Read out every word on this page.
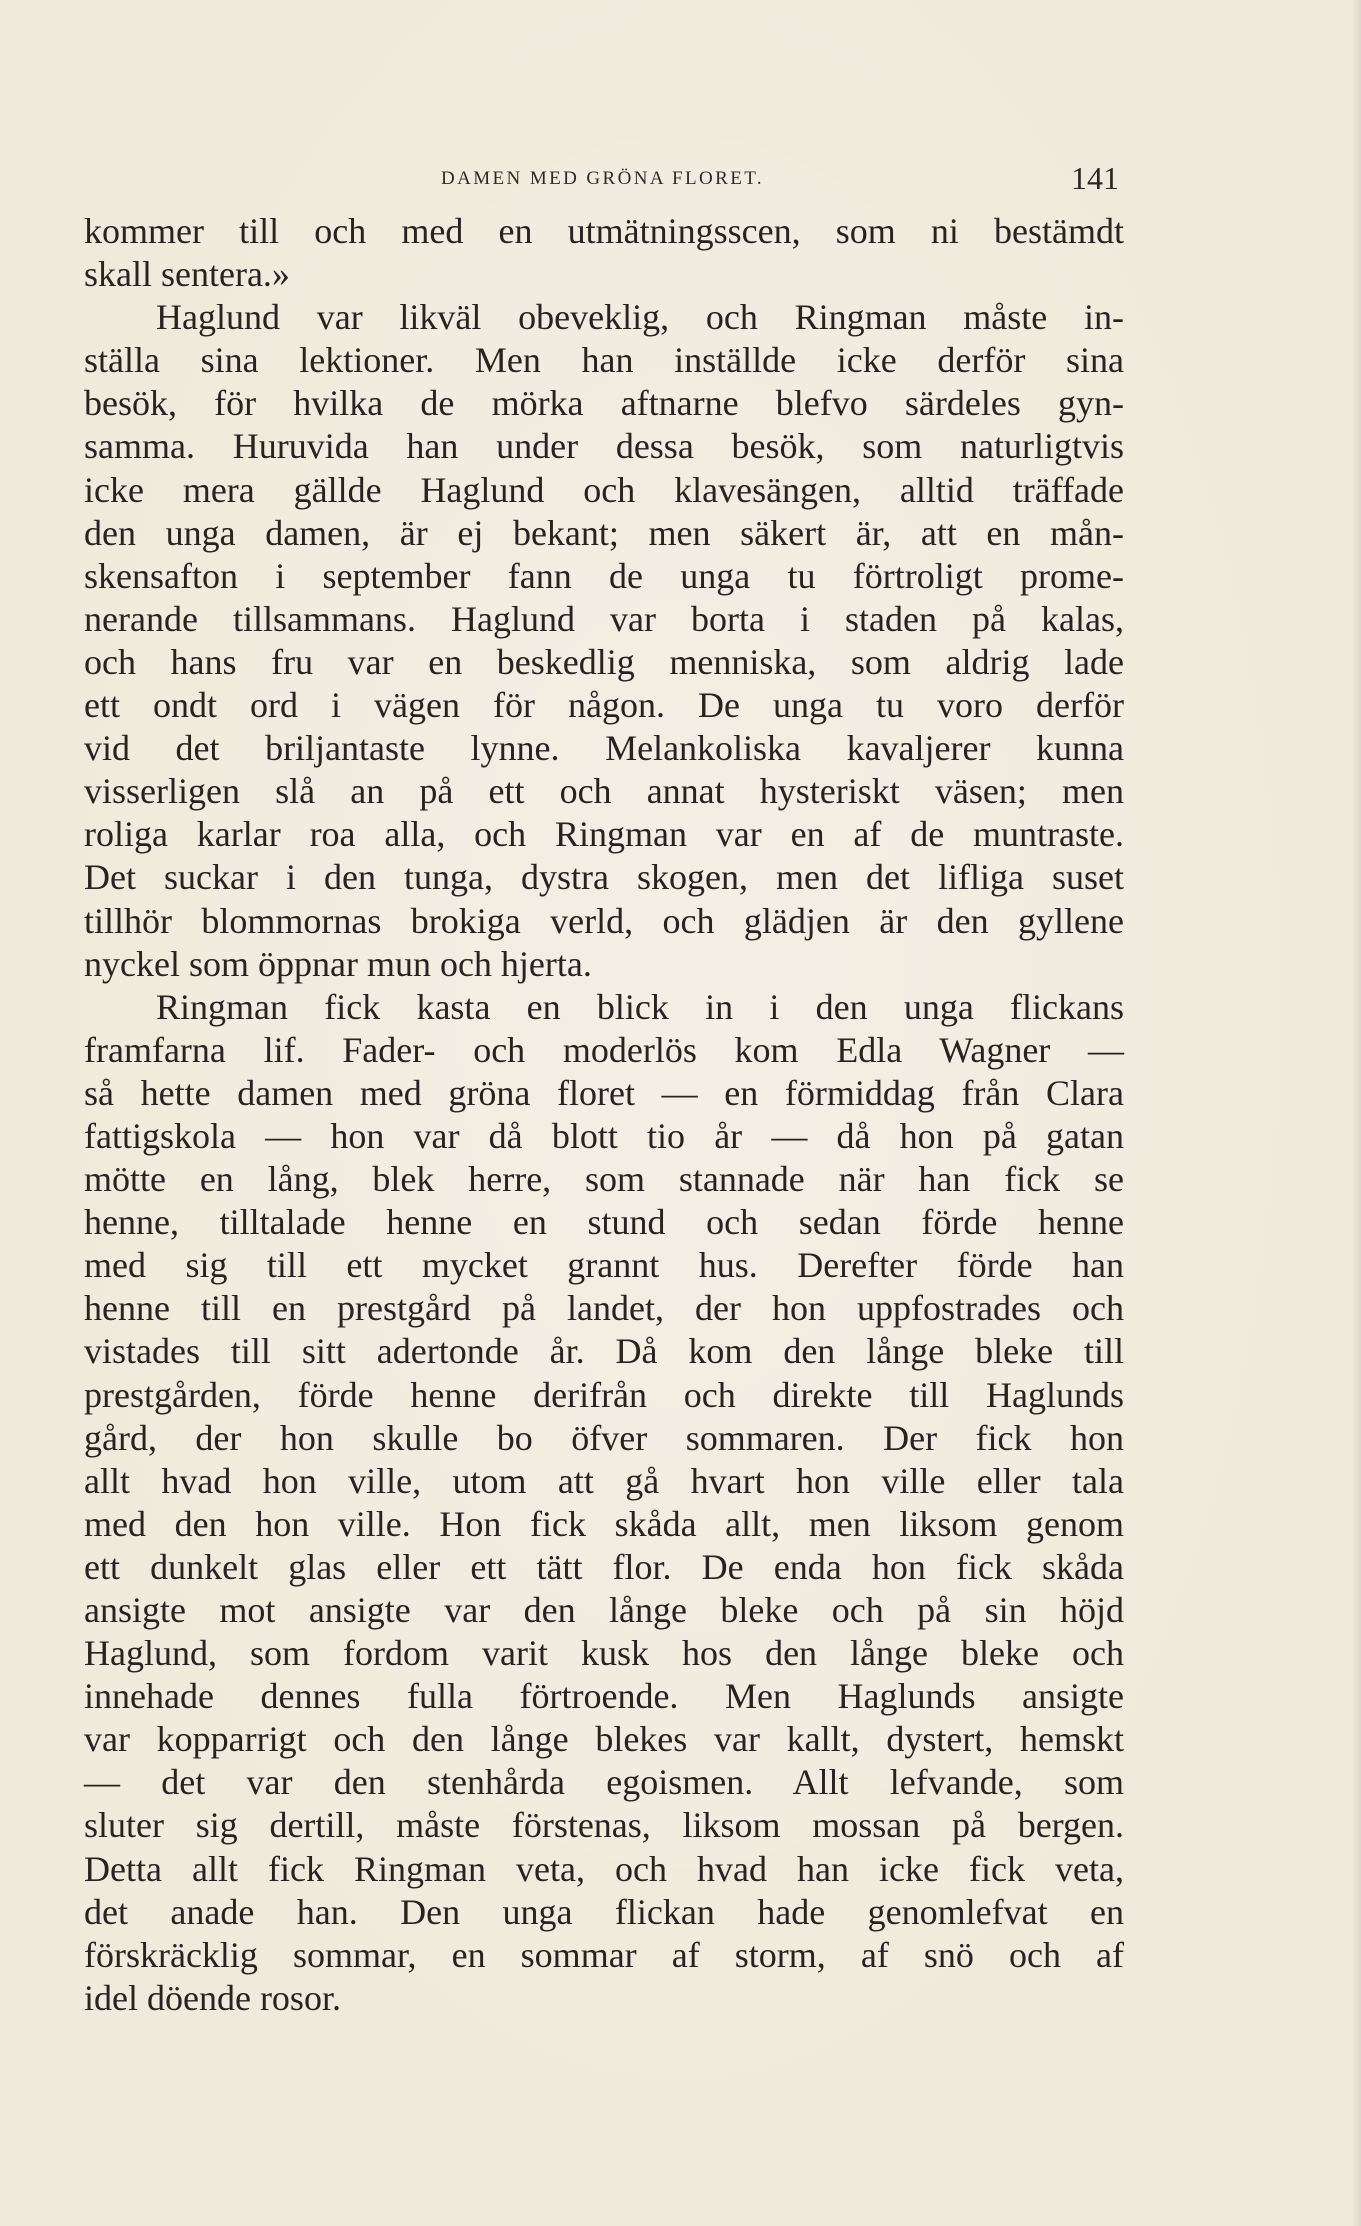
DAMEN MED GRÖNA FLORET.	141
kommer till och med en utmätningsscen, som ni bestämdt
skall sentera.»
Haglund var likväl obeveklig, och Ringman måste in-
ställa sina lektioner. Men han inställde icke derför sina
besök, för hvilka de mörka aftnarne blefvo särdeles gyn-
samma. Huruvida han under dessa besök, som naturligtvis
icke mera gällde Haglund och klavesängen, alltid träffade
den unga damen, är ej bekant; men säkert är, att en mån-
skensafton i september fann de unga tu förtroligt prome-
nerande tillsammans. Haglund var borta i staden på kalas,
och hans fru var en beskedlig menniska, som aldrig lade
ett ondt ord i vägen för någon. De unga tu voro derför
vid det briljantaste lynne. Melankoliska kavaljerer kunna
visserligen slå an på ett och annat hysteriskt väsen; men
roliga karlar roa alla, och Ringman var en af de muntraste.
Det suckar i den tunga, dystra skogen, men det lifliga suset
tillhör blommornas brokiga verld, och glädjen är den gyllene
nyckel som öppnar mun och hjerta.
Ringman fick kasta en blick in i den unga flickans
framfarna lif. Fader- och moderlös kom Edla Wagner —
så hette damen med gröna floret — en förmiddag från Clara
fattigskola — hon var då blott tio år — då hon på gatan
mötte en lång, blek herre, som stannade när han fick se
henne, tilltalade henne en stund och sedan förde henne
med sig till ett mycket grannt hus. Derefter förde han
henne till en prestgård på landet, der hon uppfostrades och
vistades till sitt adertonde år. Då kom den långe bleke till
prestgården, förde henne derifrån och direkte till Haglunds
gård, der hon skulle bo öfver sommaren. Der fick hon
allt hvad hon ville, utom att gå hvart hon ville eller tala
med den hon ville. Hon fick skåda allt, men liksom genom
ett dunkelt glas eller ett tätt flor. De enda hon fick skåda
ansigte mot ansigte var den långe bleke och på sin höjd
Haglund, som fordom varit kusk hos den långe bleke och
innehade dennes fulla förtroende. Men Haglunds ansigte
var kopparrigt och den långe blekes var kallt, dystert, hemskt
— det var den stenhårda egoismen. Allt lefvande, som
sluter sig dertill, måste förstenas, liksom mossan på bergen.
Detta allt fick Ringman veta, och hvad han icke fick veta,
det anade han. Den unga flickan hade genomlefvat en
förskräcklig sommar, en sommar af storm, af snö och af
idel döende rosor.
